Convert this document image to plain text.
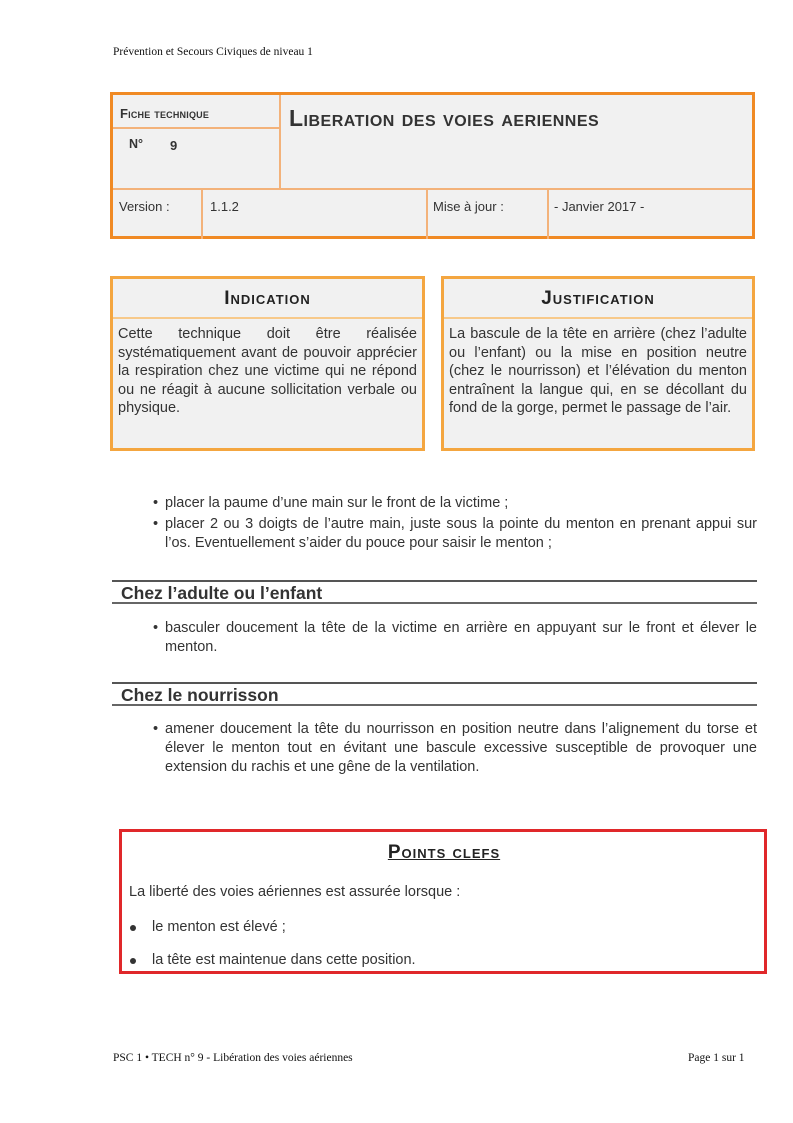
Prévention et Secours Civiques de niveau 1
Fiche technique
N° 9
Liberation des voies aeriennes
Version :	1.1.2	Mise à jour :	- Janvier 2017 -
Indication
Cette technique doit être réalisée systématiquement avant de pouvoir apprécier la respiration chez une victime qui ne répond ou ne réagit à aucune sollicitation verbale ou physique.
Justification
La bascule de la tête en arrière (chez l’adulte ou l’enfant) ou la mise en position neutre (chez le nourrisson) et l’élévation du menton entraînent la langue qui, en se décollant du fond de la gorge, permet le passage de l’air.
• placer la paume d’une main sur le front de la victime ;
• placer 2 ou 3 doigts de l’autre main, juste sous la pointe du menton en prenant appui sur l’os. Eventuellement s’aider du pouce pour saisir le menton ;
Chez l’adulte ou l’enfant
• basculer doucement la tête de la victime en arrière en appuyant sur le front et élever le menton.
Chez le nourrisson
• amener doucement la tête du nourrisson en position neutre dans l’alignement du torse et élever le menton tout en évitant une bascule excessive susceptible de provoquer une extension du rachis et une gêne de la ventilation.
Points clefs
La liberté des voies aériennes est assurée lorsque :
le menton est élevé ;
la tête est maintenue dans cette position.
PSC 1 • TECH n° 9 - Libération des voies aériennes	Page 1 sur 1
